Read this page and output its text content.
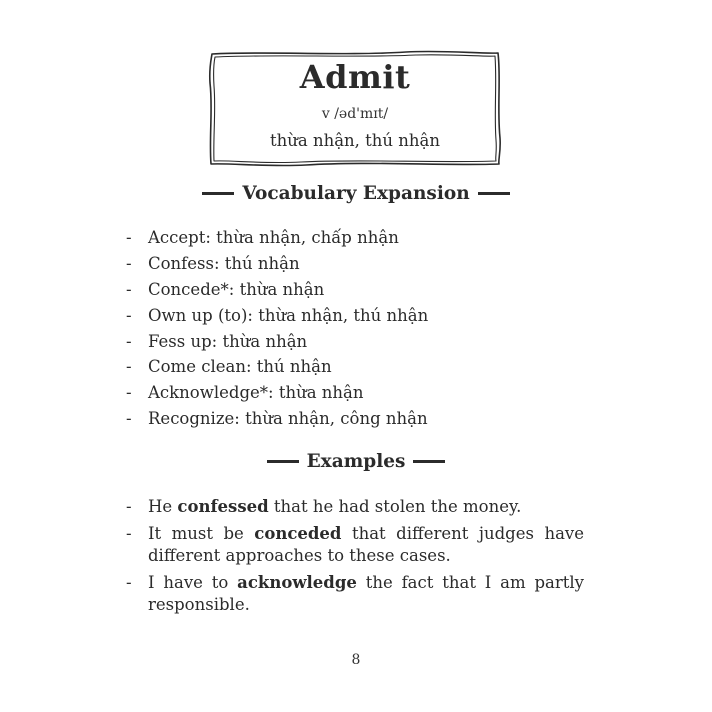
Admit
v /əd'mɪt/
thừa nhận, thú nhận
Vocabulary Expansion
- Accept: thừa nhận, chấp nhận
- Confess: thú nhận
- Concede*: thừa nhận
- Own up (to): thừa nhận, thú nhận
- Fess up: thừa nhận
- Come clean: thú nhận
- Acknowledge*: thừa nhận
- Recognize: thừa nhận, công nhận
Examples
- He confessed that he had stolen the money.
- It must be conceded that different judges have different approaches to these cases.
- I have to acknowledge the fact that I am partly responsible.
8
